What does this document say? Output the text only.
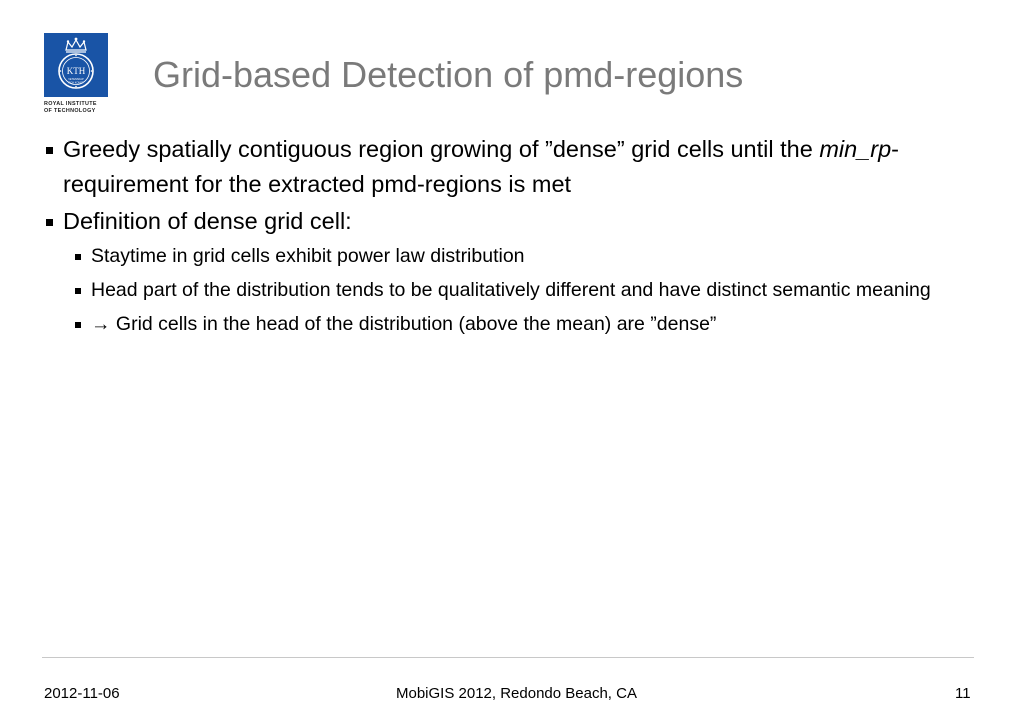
KTH
VETENSKAP
OCH KONST
ROYAL INSTITUTE
OF TECHNOLOGY
Grid-based Detection of pmd-regions
Greedy spatially contiguous region growing of ”dense” grid cells until the min_rp-requirement for the extracted pmd-regions is met
Definition of dense grid cell:
Staytime in grid cells exhibit power law distribution
Head part of the distribution tends to be qualitatively different and have distinct semantic meaning
→ Grid cells in the head of the distribution (above the mean) are ”dense”
2012-11-06	MobiGIS 2012, Redondo Beach, CA	11
